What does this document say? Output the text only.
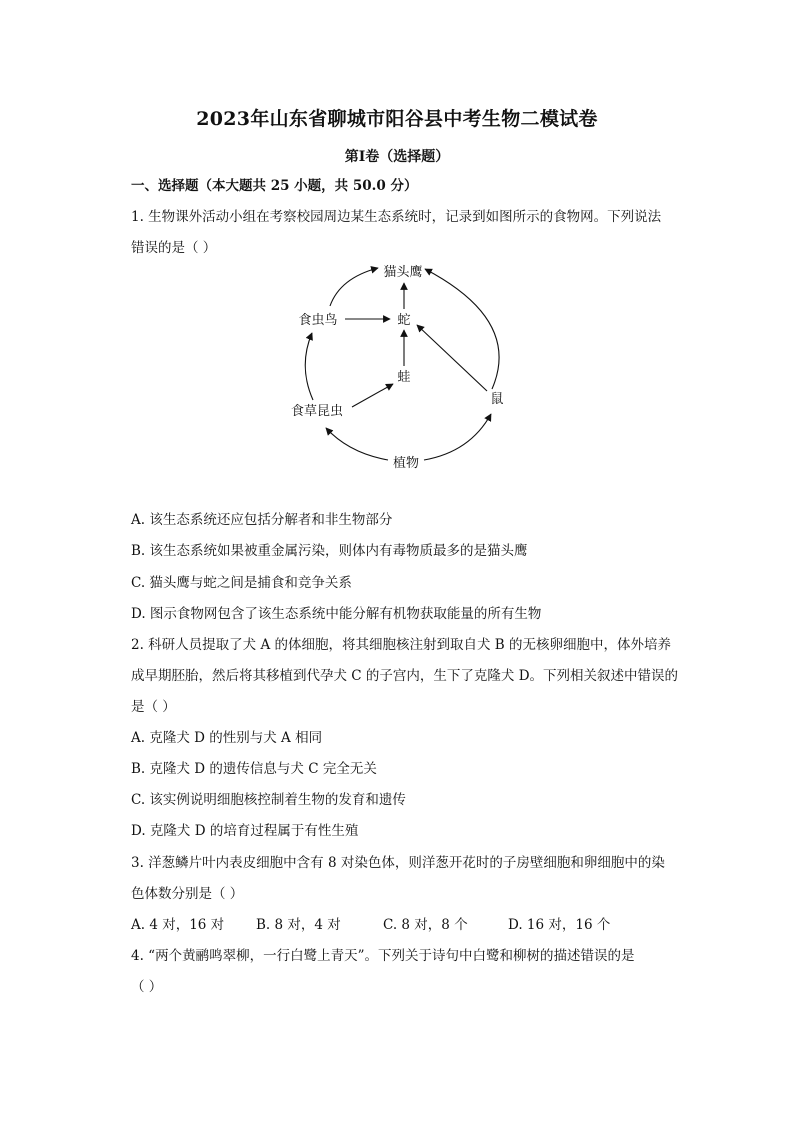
2023年山东省聊城市阳谷县中考生物二模试卷
第I卷（选择题）
一、选择题（本大题共 25 小题，共 50.0 分）
1. 生物课外活动小组在考察校园周边某生态系统时，记录到如图所示的食物网。下列说法
错误的是（ ）
猫头鹰
食虫鸟	蛇
蛙
食草昆虫
鼠
植物
A. 该生态系统还应包括分解者和非生物部分
B. 该生态系统如果被重金属污染，则体内有毒物质最多的是猫头鹰
C. 猫头鹰与蛇之间是捕食和竞争关系
D. 图示食物网包含了该生态系统中能分解有机物获取能量的所有生物
2. 科研人员提取了犬 A 的体细胞，将其细胞核注射到取自犬 B 的无核卵细胞中，体外培养
成早期胚胎，然后将其移植到代孕犬 C 的子宫内，生下了克隆犬 D。下列相关叙述中错误的
是（ ）
A. 克隆犬 D 的性别与犬 A 相同
B. 克隆犬 D 的遗传信息与犬 C 完全无关
C. 该实例说明细胞核控制着生物的发育和遗传
D. 克隆犬 D 的培育过程属于有性生殖
3. 洋葱鳞片叶内表皮细胞中含有 8 对染色体，则洋葱开花时的子房壁细胞和卵细胞中的染
色体数分别是（ ）
A. 4 对，16 对 B. 8 对，4 对	C. 8 对，8 个	D. 16 对，16 个
4. “两个黄鹂鸣翠柳，一行白鹭上青天”。下列关于诗句中白鹭和柳树的描述错误的是
（ ）
